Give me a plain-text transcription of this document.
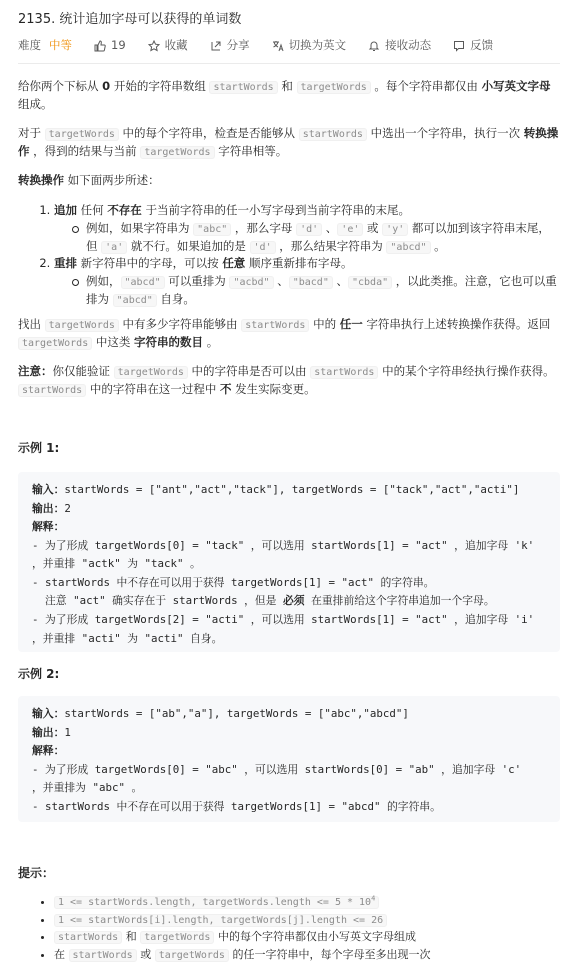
2135. 统计追加字母可以获得的单词数
难度 中等	19	收藏	分享	切换为英文	接收动态	反馈
给你两个下标从 0 开始的字符串数组 startWords 和 targetWords 。每个字符串都仅由 小写英文字母
组成。
对于 targetWords 中的每个字符串，检查是否能够从 startWords 中选出一个字符串，执行一次 转换操作 ，得到的结果与当前 targetWords 字符串相等。
转换操作 如下面两步所述：
1. 追加 任何 不存在 于当前字符串的任一小写字母到当前字符串的末尾。
例如，如果字符串为 "abc" ，那么字母 'd' 、 'e' 或 'y' 都可以加到该字符串末尾，但 'a' 就不行。如果追加的是 'd' ，那么结果字符串为 "abcd" 。
2. 重排 新字符串中的字母，可以按 任意 顺序重新排布字母。
例如， "abcd" 可以重排为 "acbd" 、 "bacd" 、 "cbda" ，以此类推。注意，它也可以重排为 "abcd" 自身。
找出 targetWords 中有多少字符串能够由 startWords 中的 任一 字符串执行上述转换操作获得。返回
targetWords 中这类 字符串的数目 。
注意：你仅能验证 targetWords 中的字符串是否可以由 startWords 中的某个字符串经执行操作获得。
startWords 中的字符串在这一过程中 不 发生实际变更。
示例 1:
输入：startWords = ["ant","act","tack"], targetWords = ["tack","act","acti"]
输出：2
解释：
- 为了形成 targetWords[0] = "tack" ，可以选用 startWords[1] = "act" ，追加字母 'k'
，并重排 "actk" 为 "tack" 。
- startWords 中不存在可以用于获得 targetWords[1] = "act" 的字符串。
注意 "act" 确实存在于 startWords ，但是 必须 在重排前给这个字符串追加一个字母。
- 为了形成 targetWords[2] = "acti" ，可以选用 startWords[1] = "act" ，追加字母 'i'
，并重排 "acti" 为 "acti" 自身。
示例 2:
输入：startWords = ["ab","a"], targetWords = ["abc","abcd"]
输出：1
解释：
- 为了形成 targetWords[0] = "abc" ，可以选用 startWords[0] = "ab" ，追加字母 'c'
，并重排为 "abc" 。
- startWords 中不存在可以用于获得 targetWords[1] = "abcd" 的字符串。
提示：
• 1 <= startWords.length, targetWords.length <= $5 * 10^4$
• 1 <= startWords[i].length, targetWords[j].length <= 26
• startWords 和 targetWords 中的每个字符串都仅由小写英文字母组成
• 在 startWords 或 targetWords 的任一字符串中，每个字母至多出现一次
